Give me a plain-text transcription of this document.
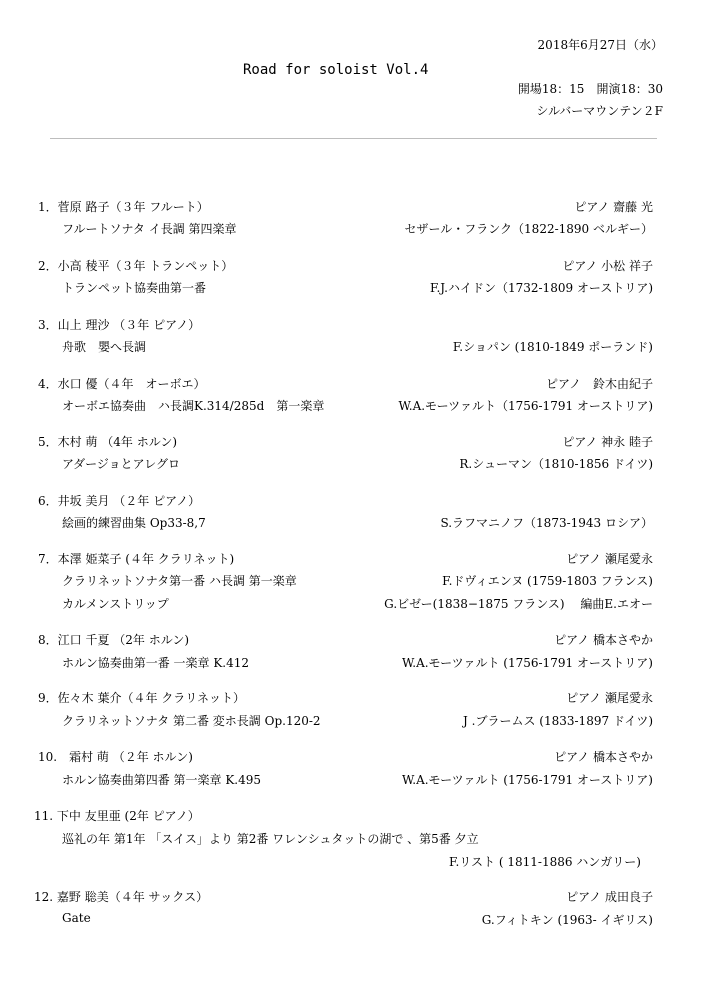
2018年6月27日（水）
Road for soloist Vol.4
開場18：15　開演18：30
シルバーマウンテン２F
1．菅原 路子（３年 フルート）	ピアノ 齋藤 光
フルートソナタ イ長調 第四楽章	セザール・フランク（1822-1890 ベルギー）
2．小高 稜平（３年 トランペット）	ピアノ 小松 祥子
トランペット協奏曲第一番	F.J.ハイドン（1732-1809 オーストリア)
3．山上 理沙 （３年 ピアノ）
舟歌　嬰へ長調	F.ショパン (1810-1849 ポーランド)
4．水口 優（４年　オーボエ）	ピアノ　鈴木由紀子
オーボエ協奏曲　ハ長調K.314/285d　第一楽章	W.A.モーツァルト（1756-1791 オーストリア)
5．木村 萌 （4年 ホルン)	ピアノ 神永 睦子
アダージョとアレグロ	R.シューマン（1810-1856 ドイツ)
6．井坂 美月 （２年 ピアノ）
絵画的練習曲集 Op33-8,7	S.ラフマニノフ（1873-1943 ロシア）
7．本澤 姫菜子 (４年 クラリネット)	ピアノ 瀬尾愛永
クラリネットソナタ第一番 ハ長調 第一楽章	F.ドヴィエンヌ (1759-1803 フランス)
カルメンストリップ	G.ビゼー(1838−1875 フランス)　 編曲E.エオー
8．江口 千夏 （2年 ホルン)	ピアノ 橋本さやか
ホルン協奏曲第一番 一楽章 K.412	W.A.モーツァルト (1756-1791 オーストリア)
9．佐々木 葉介（４年 クラリネット）	ピアノ 瀬尾愛永
クラリネットソナタ 第二番 変ホ長調 Op.120-2	J .ブラームス (1833-1897 ドイツ)
10.　霜村 萌 （２年 ホルン)	ピアノ 橋本さやか
ホルン協奏曲第四番 第一楽章 K.495	W.A.モーツァルト (1756-1791 オーストリア)
11. 下中 友里亜 (2年 ピアノ）
巡礼の年 第1年 「スイス」より 第2番 ワレンシュタットの湖で 、第5番 夕立
F.リスト ( 1811-1886 ハンガリー)
12. 嘉野 聡美（４年 サックス）	ピアノ 成田良子
Gate	G.フィトキン (1963- イギリス)
